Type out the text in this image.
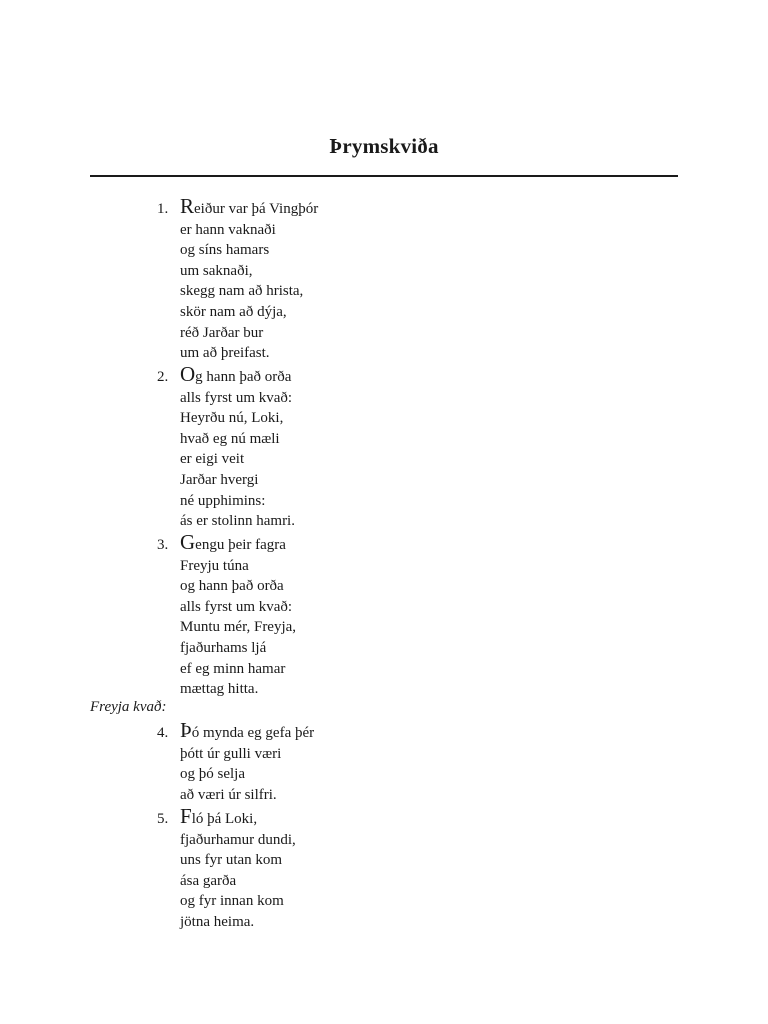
Þrymskviða
1. Reiður var þá Vingþór
er hann vaknaði
og síns hamars
um saknaði,
skegg nam að hrista,
skör nam að dýja,
réð Jarðar bur
um að þreifast.
2. Og hann það orða
alls fyrst um kvað:
Heyrðu nú, Loki,
hvað eg nú mæli
er eigi veit
Jarðar hvergi
né upphimins:
ás er stolinn hamri.
3. Gengu þeir fagra
Freyju túna
og hann það orða
alls fyrst um kvað:
Muntu mér, Freyja,
fjaðurhams ljá
ef eg minn hamar
mættag hitta.
Freyja kvað:
4. Þó mynda eg gefa þér
þótt úr gulli væri
og þó selja
að væri úr silfri.
5. Fló þá Loki,
fjaðurhamur dundi,
uns fyr utan kom
ása garða
og fyr innan kom
jötna heima.
